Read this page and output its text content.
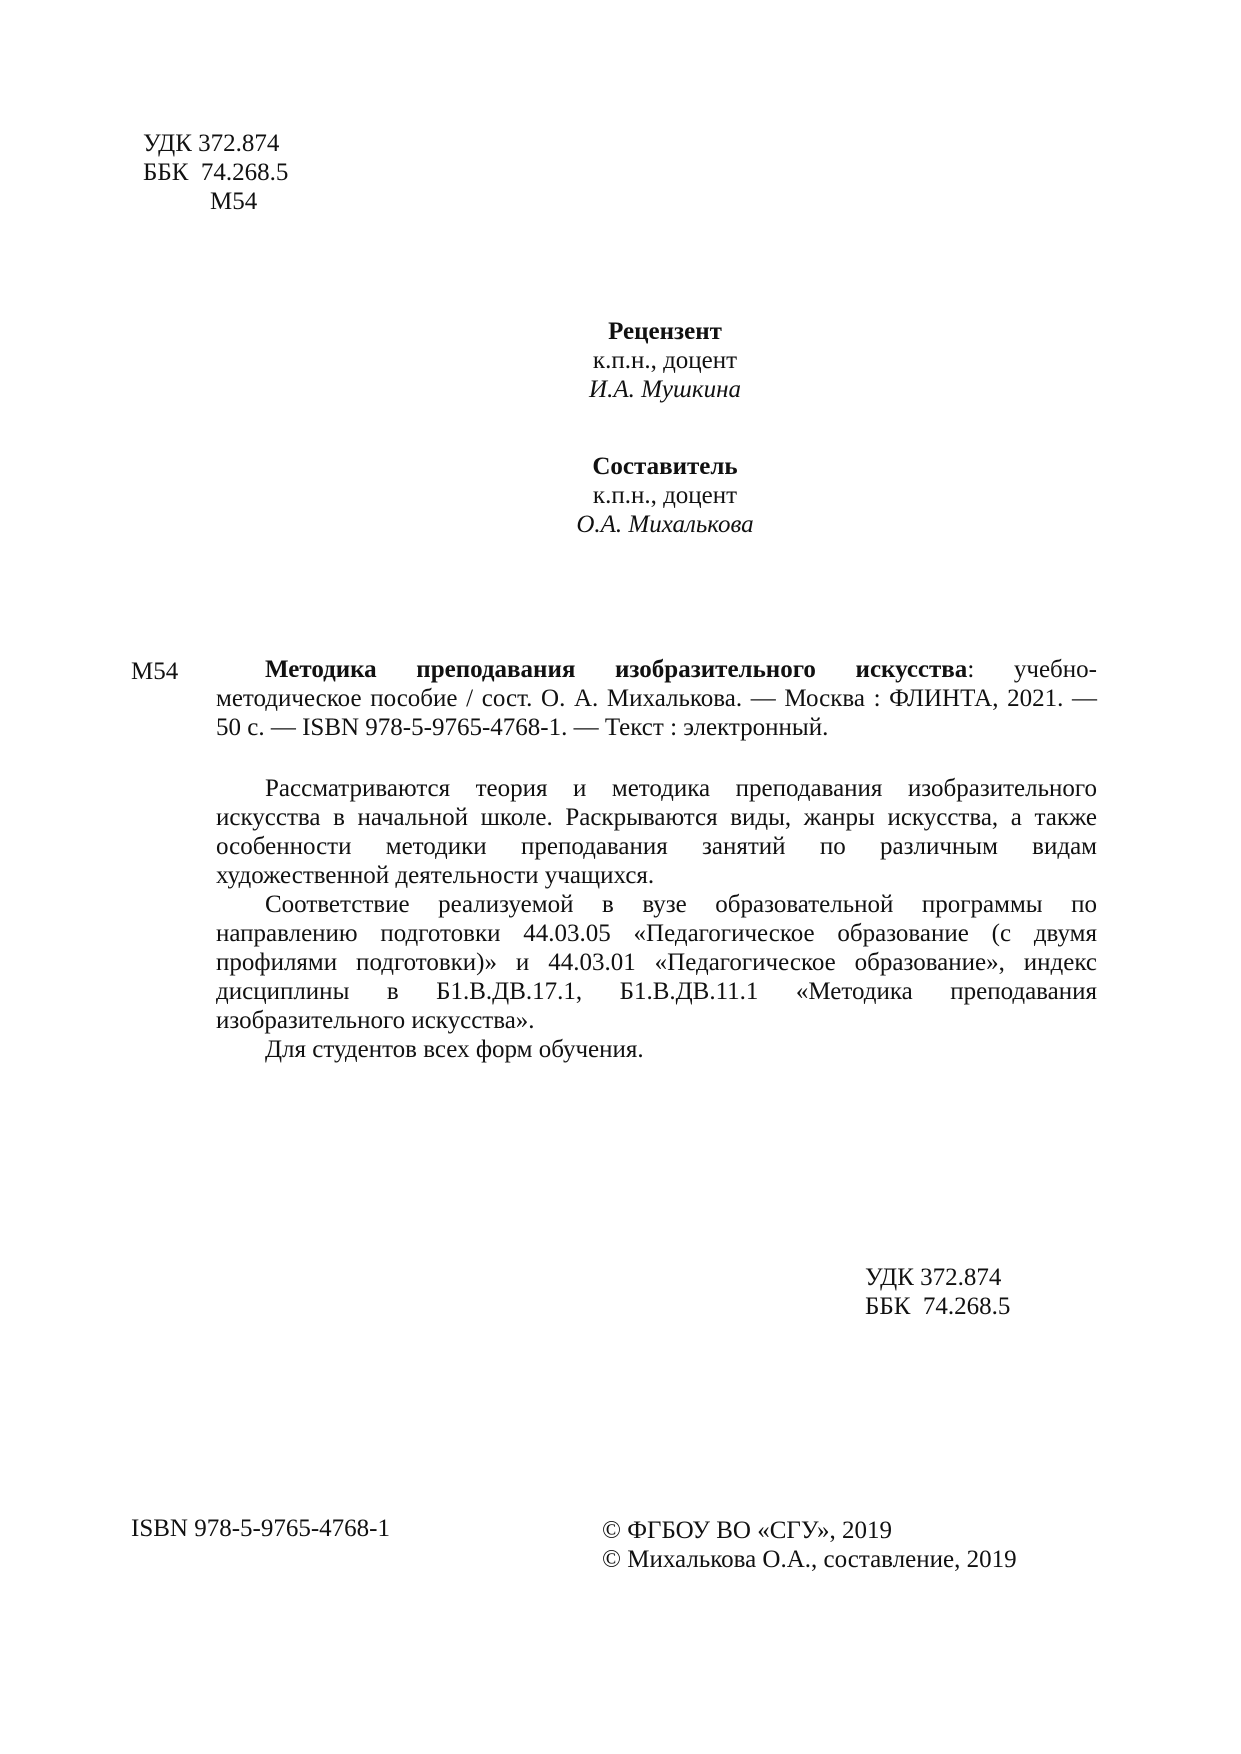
УДК 372.874
ББК  74.268.5
М54
Рецензент
к.п.н., доцент
И.А. Мушкина
Составитель
к.п.н., доцент
О.А. Михалькова
М54	Методика преподавания изобразительного искусства: учебно-методическое пособие / сост. О. А. Михалькова. — Москва : ФЛИНТА, 2021. — 50 с. — ISBN 978-5-9765-4768-1. — Текст : электронный.

Рассматриваются теория и методика преподавания изобразительного искусства в начальной школе. Раскрываются виды, жанры искусства, а также особенности методики преподавания занятий по различным видам художественной деятельности учащихся.

Соответствие реализуемой в вузе образовательной программы по направлению подготовки 44.03.05 «Педагогическое образование (с двумя профилями подготовки)» и 44.03.01 «Педагогическое образование», индекс дисциплины в Б1.В.ДВ.17.1, Б1.В.ДВ.11.1 «Методика преподавания изобразительного искусства».

Для студентов всех форм обучения.

УДК 372.874
ББК  74.268.5
ISBN 978-5-9765-4768-1	© ФГБОУ ВО «СГУ», 2019
© Михалькова О.А., составление, 2019
